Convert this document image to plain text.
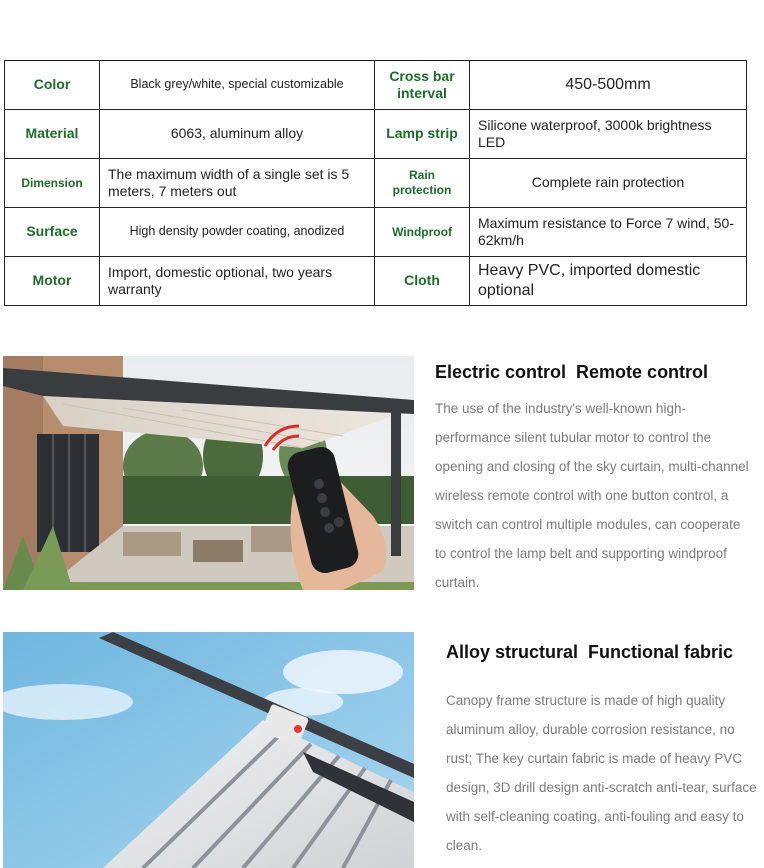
Color	Black grey/white, special customizable	Cross bar interval	450-500mm
Material	6063, aluminum alloy	Lamp strip	Silicone waterproof, 3000k brightness LED
Dimension	The maximum width of a single set is 5 meters, 7 meters out	Rain protection	Complete rain protection
Surface	High density powder coating, anodized	Windproof	Maximum resistance to Force 7 wind, 50-62km/h
Motor	Import, domestic optional, two years warranty	Cloth	Heavy PVC, imported domestic optional
Electric control  Remote control
The use of the industry's well-known high-performance silent tubular motor to control the opening and closing of the sky curtain, multi-channel wireless remote control with one button control, a switch can control multiple modules, can cooperate to control the lamp belt and supporting windproof curtain.
Alloy structural  Functional fabric
Canopy frame structure is made of high quality aluminum alloy, durable corrosion resistance, no rust; The key curtain fabric is made of heavy PVC design, 3D drill design anti-scratch anti-tear, surface with self-cleaning coating, anti-fouling and easy to clean.
